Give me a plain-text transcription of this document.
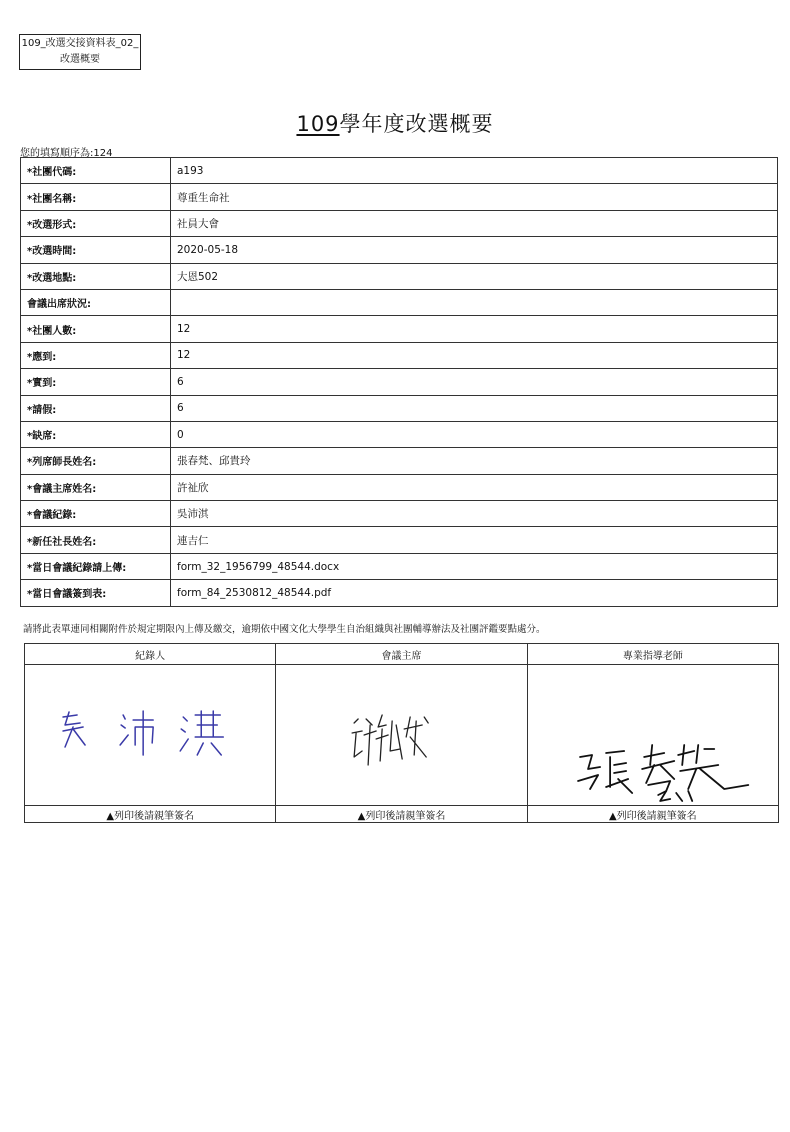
109_改選交接資料表_02_
改選概要
109學年度改選概要
您的填寫順序為:124
*社團代碼:	a193
*社團名稱:	尊重生命社
*改選形式:	社員大會
*改選時間:	2020-05-18
*改選地點:	大恩502
會議出席狀況:	
*社團人數:	12
*應到:	12
*實到:	6
*請假:	6
*缺席:	0
*列席師長姓名:	張春梵、邱貴玲
*會議主席姓名:	許祉欣
*會議紀錄:	吳沛淇
*新任社長姓名:	連吉仁
*當日會議紀錄請上傳:	form_32_1956799_48544.docx
*當日會議簽到表:	form_84_2530812_48544.pdf
請將此表單連同相關附件於規定期限內上傳及繳交，逾期依中國文化大學學生自治組織與社團輔導辦法及社團評鑑要點處分。
紀錄人	會議主席	專業指導老師

▲列印後請親筆簽名	▲列印後請親筆簽名	▲列印後請親筆簽名
